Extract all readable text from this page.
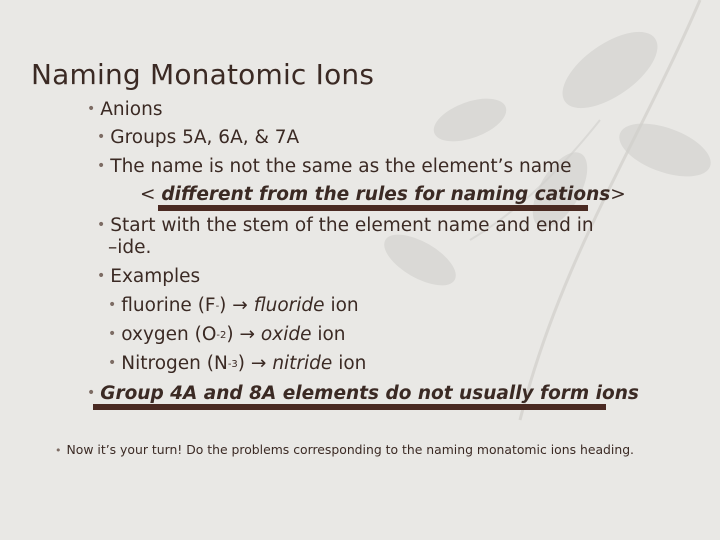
Naming Monatomic Ions
• Anions
• Groups 5A, 6A, & 7A
• The name is not the same as the element’s name
< different from the rules for naming cations>
• Start with the stem of the element name and end in
–ide.
• Examples
• fluorine (F-) → fluoride ion
• oxygen $(O^{-2})$ → oxide ion
• Nitrogen $(N^{-3})$ → nitride ion
• Group 4A and 8A elements do not usually form ions
• Now it’s your turn! Do the problems corresponding to the naming monatomic ions heading.
